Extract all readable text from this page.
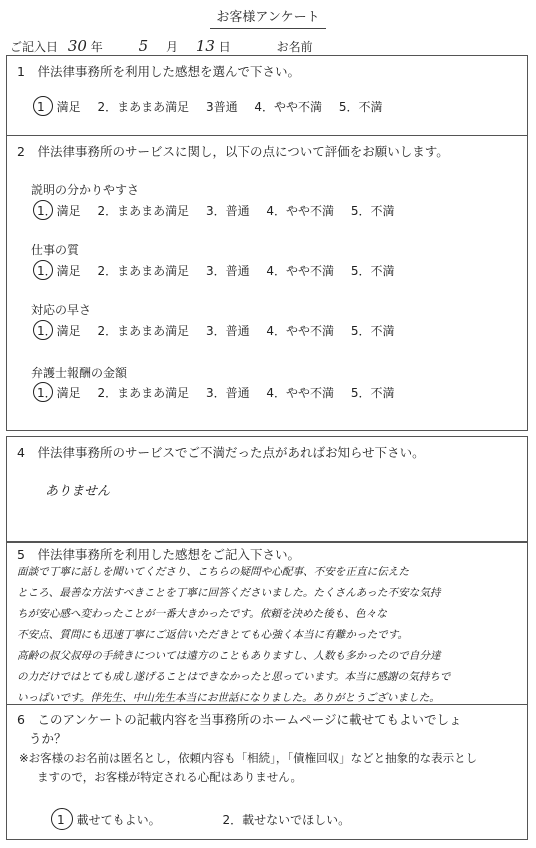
お客様アンケート
ご記入日 30 年 5 月 13 日	お名前
1　伴法律事務所を利用した感想を選んで下さい。
1　満足 2．まあまあ満足 3普通 4．やや不満 5．不満
2　伴法律事務所のサービスに関し，以下の点について評価をお願いします。
説明の分かりやすさ
1．満足 2．まあまあ満足 3．普通 4．やや不満 5．不満
仕事の質
1．満足 2．まあまあ満足 3．普通 4．やや不満 5．不満
対応の早さ
1．満足 2．まあまあ満足 3．普通 4．やや不満 5．不満
弁護士報酬の金額
1．満足 2．まあまあ満足 3．普通 4．やや不満 5．不満
4　伴法律事務所のサービスでご不満だった点があればお知らせ下さい。
ありません
5　伴法律事務所を利用した感想をご記入下さい。
面談で丁寧に話しを聞いてくださり、こちらの疑問や心配事、不安を正直に伝えた
ところ、最善な方法すべきことを丁寧に回答くださいました。たくさんあった不安な気持
ちが安心感へ変わったことが一番大きかったです。依頼を決めた後も、色々な
不安点、質問にも迅速丁寧にご返信いただきとても心強く本当に有難かったです。
高齢の叔父叔母の手続きについては遠方のこともありますし、人数も多かったので自分達
の力だけではとても成し遂げることはできなかったと思っています。本当に感謝の気持ちで
いっぱいです。伴先生、中山先生本当にお世話になりました。ありがとうございました。
6　このアンケートの記載内容を当事務所のホームページに載せてもよいでしょ
うか？
※お客様のお名前は匿名とし，依頼内容も「相続」，「債権回収」などと抽象的な表示とし
ますので，お客様が特定される心配はありません。
1　載せてもよい。	2．載せないでほしい。
